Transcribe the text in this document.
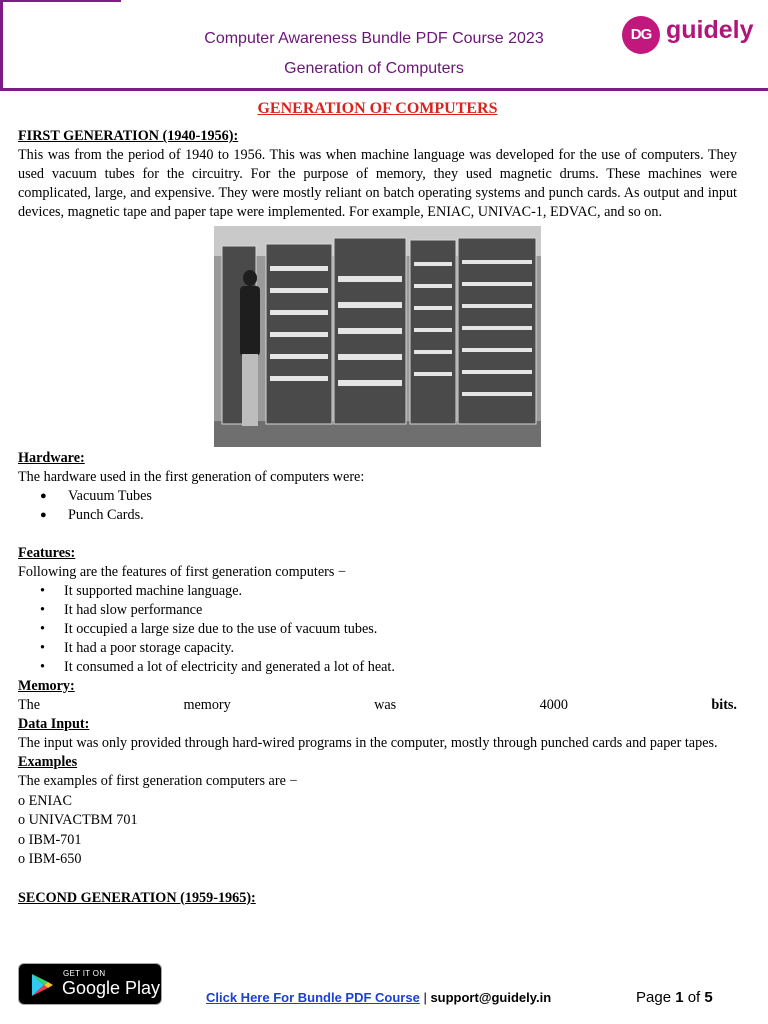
Computer Awareness Bundle PDF Course 2023
Generation of Computers
DG guidely
GENERATION OF COMPUTERS
FIRST GENERATION (1940-1956):

This was from the period of 1940 to 1956. This was when machine language was developed for the use of computers. They used vacuum tubes for the circuitry. For the purpose of memory, they used magnetic drums. These machines were complicated, large, and expensive. They were mostly reliant on batch operating systems and punch cards. As output and input devices, magnetic tape and paper tape were implemented. For example, ENIAC, UNIVAC-1, EDVAC, and so on.

Hardware:

The hardware used in the first generation of computers were:

● Vacuum Tubes
● Punch Cards.
Features:

Following are the features of first generation computers −

• It supported machine language.
• It had slow performance
• It occupied a large size due to the use of vacuum tubes.
• It had a poor storage capacity.
• It consumed a lot of electricity and generated a lot of heat.
Memory:
The	memory	was	4000	bits.
Data Input:

The input was only provided through hard-wired programs in the computer, mostly through punched cards and paper tapes.

Examples
The examples of first generation computers are −
o ENIAC
o UNIVACTBM 701
o IBM-701
o IBM-650
SECOND GENERATION (1959-1965):
GET IT ON
Google Play	Click Here For Bundle PDF Course | support@guidely.in	Page 1 of 5
